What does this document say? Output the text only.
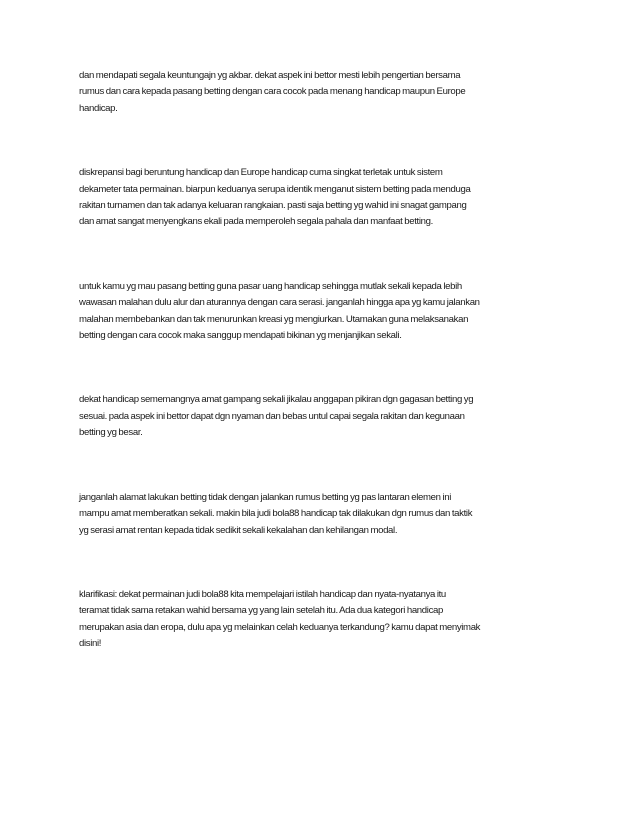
dan mendapati segala keuntungajn yg akbar. dekat aspek ini bettor mesti lebih pengertian bersama
rumus dan cara kepada pasang betting dengan cara cocok pada menang handicap maupun Europe
handicap.

diskrepansi bagi beruntung handicap dan Europe handicap cuma singkat terletak untuk sistem
dekameter tata permainan. biarpun keduanya serupa identik menganut sistem betting pada menduga
rakitan turnamen dan tak adanya keluaran rangkaian. pasti saja betting yg wahid ini snagat gampang
dan amat sangat menyengkans ekali pada memperoleh segala pahala dan manfaat betting.

untuk kamu yg mau pasang betting guna pasar uang handicap sehingga mutlak sekali kepada lebih
wawasan malahan dulu alur dan aturannya dengan cara serasi. janganlah hingga apa yg kamu jalankan
malahan membebankan dan tak menurunkan kreasi yg mengiurkan. Utamakan guna melaksanakan
betting dengan cara cocok maka sanggup mendapati bikinan yg menjanjikan sekali.

dekat handicap sememangnya amat gampang sekali jikalau anggapan pikiran dgn gagasan betting yg
sesuai. pada aspek ini bettor dapat dgn nyaman dan bebas untul capai segala rakitan dan kegunaan
betting yg besar.

janganlah alamat lakukan betting tidak dengan jalankan rumus betting yg pas lantaran elemen ini
mampu amat memberatkan sekali. makin bila judi bola88 handicap tak dilakukan dgn rumus dan taktik
yg serasi amat rentan kepada tidak sedikit sekali kekalahan dan kehilangan modal.

klarifikasi: dekat permainan judi bola88 kita mempelajari istilah handicap dan nyata-nyatanya itu
teramat tidak sama retakan wahid bersama yg yang lain setelah itu. Ada dua kategori handicap
merupakan asia dan eropa, dulu apa yg melainkan celah keduanya terkandung? kamu dapat menyimak
disini!
